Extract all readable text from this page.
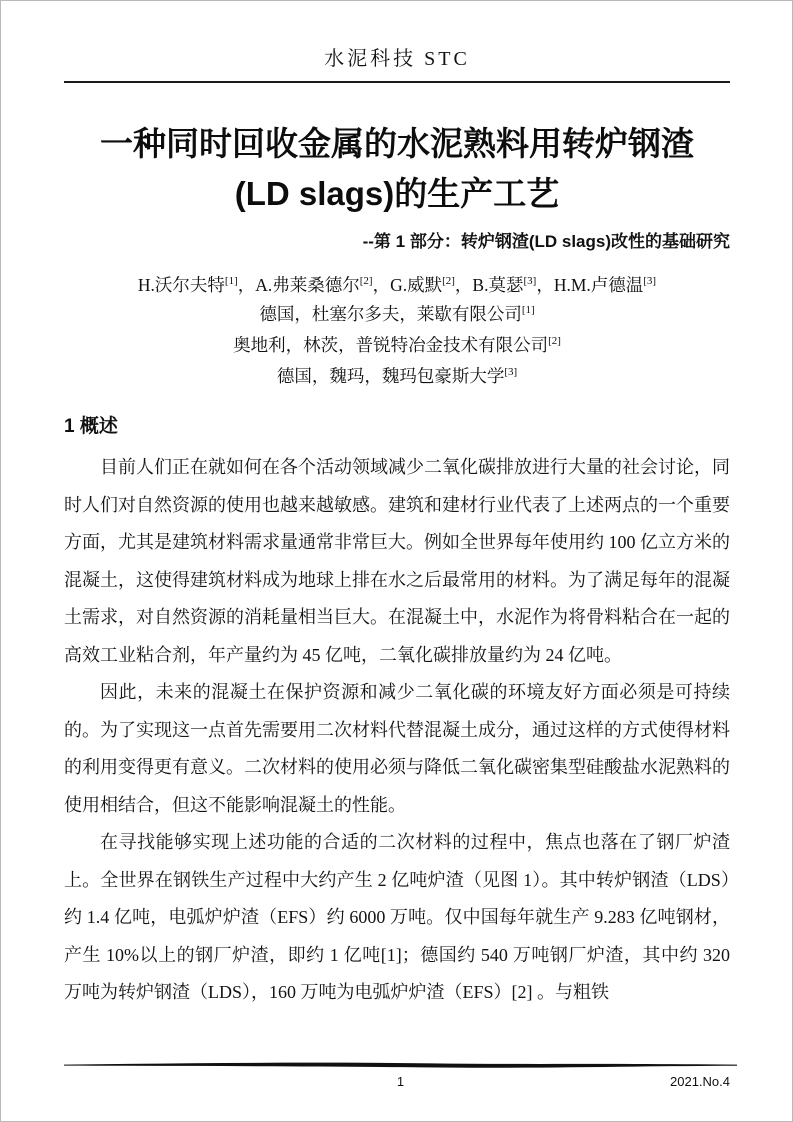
水泥科技 STC
一种同时回收金属的水泥熟料用转炉钢渣
(LD slags)的生产工艺
--第 1 部分：转炉钢渣(LD slags)改性的基础研究
H.沃尔夫特[1]，A.弗莱桑德尔[2]，G.威默[2]，B.莫瑟[3]，H.M.卢德温[3]
德国，杜塞尔多夫，莱歇有限公司[1]
奥地利，林茨，普锐特冶金技术有限公司[2]
德国，魏玛，魏玛包豪斯大学[3]
1 概述

目前人们正在就如何在各个活动领域减少二氧化碳排放进行大量的社会讨论，同时人们对自然资源的使用也越来越敏感。建筑和建材行业代表了上述两点的一个重要方面，尤其是建筑材料需求量通常非常巨大。例如全世界每年使用约 100 亿立方米的混凝土，这使得建筑材料成为地球上排在水之后最常用的材料。为了满足每年的混凝土需求，对自然资源的消耗量相当巨大。在混凝土中，水泥作为将骨料粘合在一起的高效工业粘合剂，年产量约为 45 亿吨，二氧化碳排放量约为 24 亿吨。

因此，未来的混凝土在保护资源和减少二氧化碳的环境友好方面必须是可持续的。为了实现这一点首先需要用二次材料代替混凝土成分，通过这样的方式使得材料的利用变得更有意义。二次材料的使用必须与降低二氧化碳密集型硅酸盐水泥熟料的使用相结合，但这不能影响混凝土的性能。

在寻找能够实现上述功能的合适的二次材料的过程中，焦点也落在了钢厂炉渣上。全世界在钢铁生产过程中大约产生 2 亿吨炉渣（见图 1）。其中转炉钢渣（LDS）约 1.4 亿吨，电弧炉炉渣（EFS）约 6000 万吨。仅中国每年就生产 9.283 亿吨钢材，产生 10%以上的钢厂炉渣，即约 1 亿吨[1]；德国约 540 万吨钢厂炉渣，其中约 320 万吨为转炉钢渣（LDS），160 万吨为电弧炉炉渣（EFS）[2] 。与粗铁

1	2021.No.4
